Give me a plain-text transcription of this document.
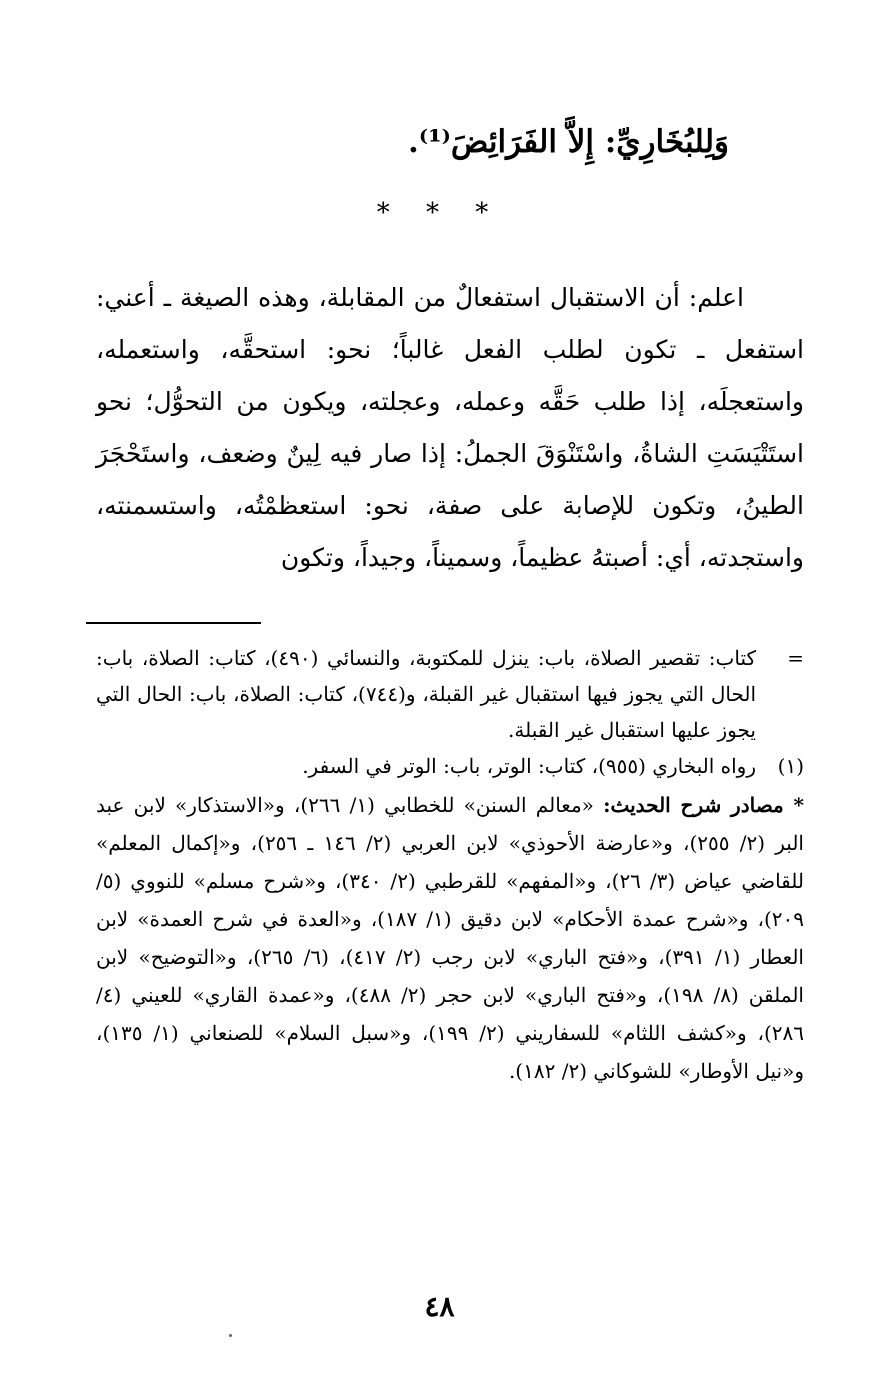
وَلِلبُخَارِيِّ: إِلاَّ الفَرَائِضَ⁽¹⁾.
* * *

اعلم: أن الاستقبال استفعالٌ من المقابلة، وهذه الصيغة ـ أعني: استفعل ـ تكون لطلب الفعل غالباً؛ نحو: استحقَّه، واستعمله، واستعجلَه، إذا طلب حَقَّه وعمله، وعجلته، ويكون من التحوُّل؛ نحو استَتْيَسَتِ الشاةُ، واسْتَنْوَقَ الجملُ: إذا صار فيه لِينٌ وضعف، واستَحْجَرَ الطينُ، وتكون للإصابة على صفة، نحو: استعظمْتُه، واستسمنته، واستجدته، أي: أصبتهُ عظيماً، وسميناً، وجيداً، وتكون

=
كتاب: تقصير الصلاة، باب: ينزل للمكتوبة، والنسائي (٤٩٠)، كتاب: الصلاة، باب: الحال التي يجوز فيها استقبال غير القبلة، و(٧٤٤)، كتاب: الصلاة، باب: الحال التي يجوز عليها استقبال غير القبلة.
(١)
رواه البخاري (٩٥٥)، كتاب: الوتر، باب: الوتر في السفر.

* مصادر شرح الحديث: «معالم السنن» للخطابي (١/ ٢٦٦)، و«الاستذكار» لابن عبد البر (٢/ ٢٥٥)، و«عارضة الأحوذي» لابن العربي (٢/ ١٤٦ ـ ٢٥٦)، و«إكمال المعلم» للقاضي عياض (٣/ ٢٦)، و«المفهم» للقرطبي (٢/ ٣٤٠)، و«شرح مسلم» للنووي (٥/ ٢٠٩)، و«شرح عمدة الأحكام» لابن دقيق (١/ ١٨٧)، و«العدة في شرح العمدة» لابن العطار (١/ ٣٩١)، و«فتح الباري» لابن رجب (٢/ ٤١٧)، (٦/ ٢٦٥)، و«التوضيح» لابن الملقن (٨/ ١٩٨)، و«فتح الباري» لابن حجر (٢/ ٤٨٨)، و«عمدة القاري» للعيني (٤/ ٢٨٦)، و«كشف اللثام» للسفاريني (٢/ ١٩٩)، و«سبل السلام» للصنعاني (١/ ١٣٥)، و«نيل الأوطار» للشوكاني (٢/ ١٨٢).

٤٨
